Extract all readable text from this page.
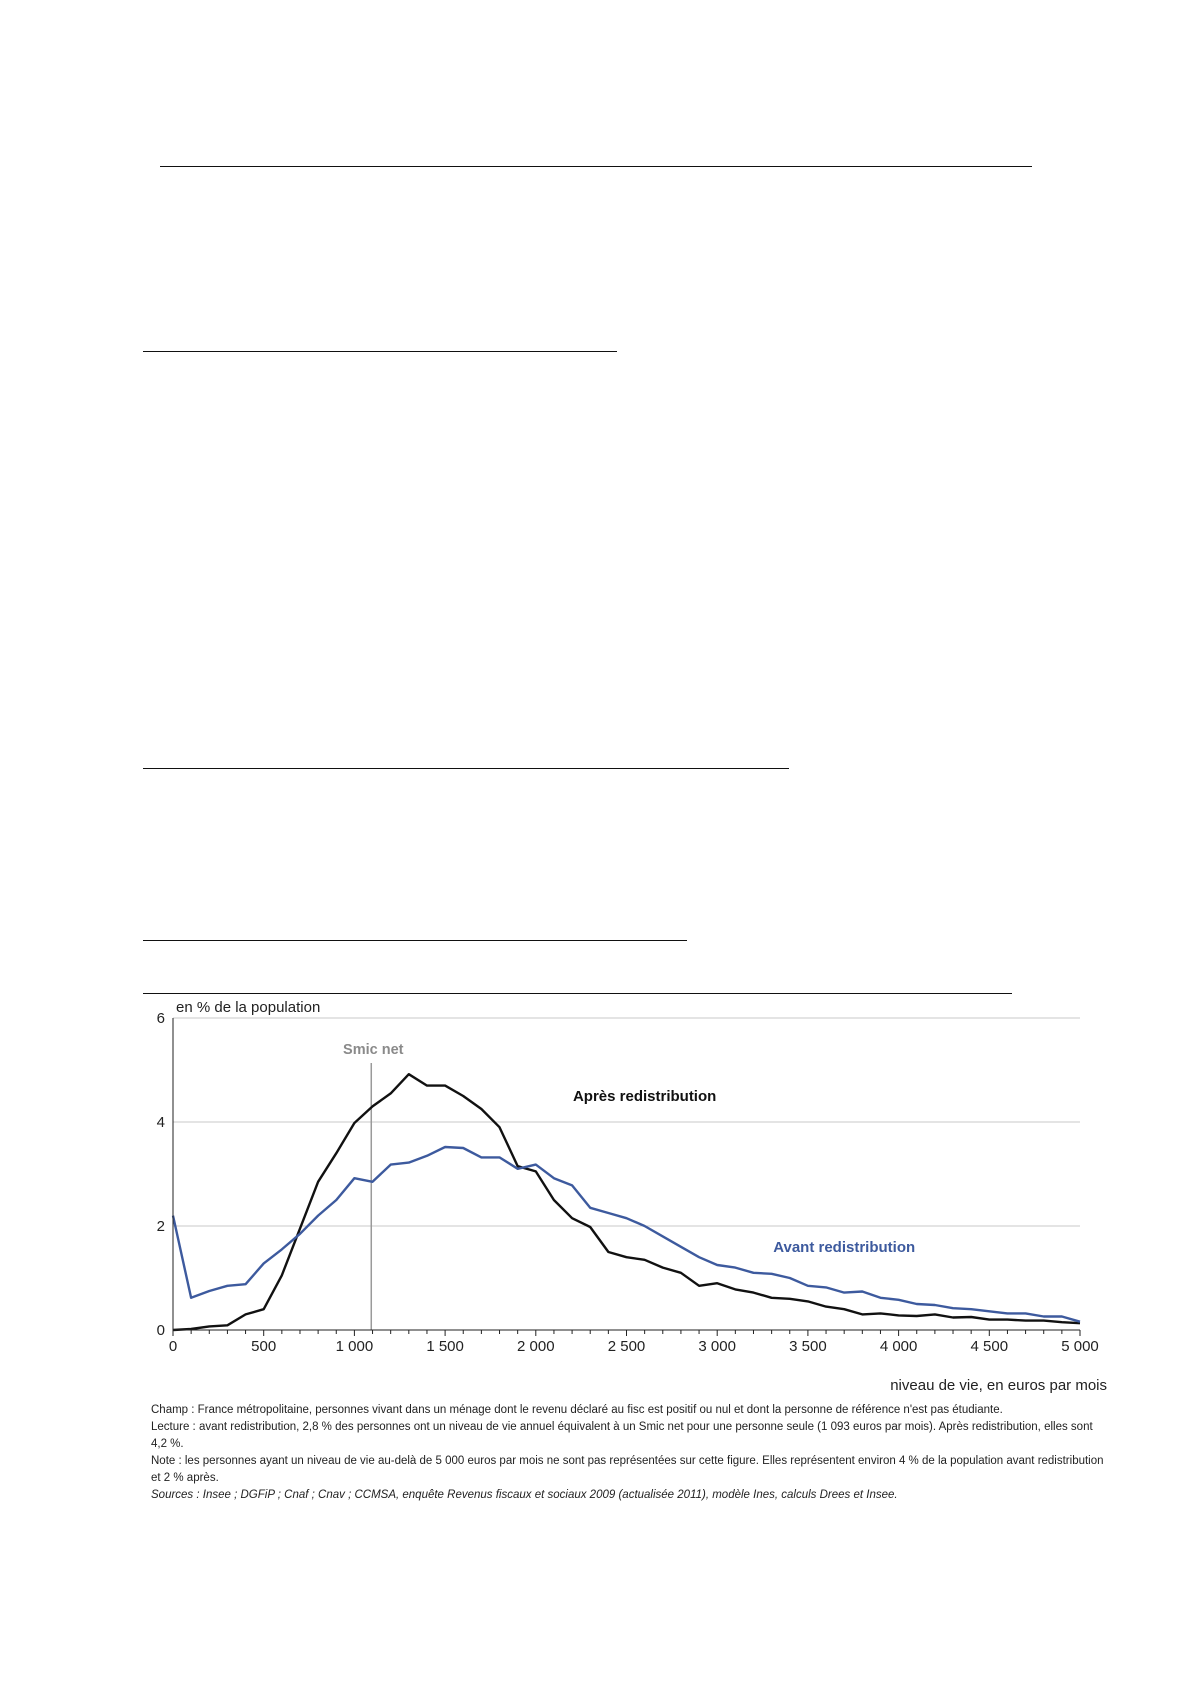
Smic net
Après redistribution
Avant redistribution
0
2
4
6
0	500	1 000	1 500	2 000	2 500	3 000	3 500	4 000	4 500	5 000
en % de la population
niveau de vie, en euros par mois

Champ : France métropolitaine, personnes vivant dans un ménage dont le revenu déclaré au fisc est positif ou nul et dont la personne de référence n'est pas étudiante.

Lecture : avant redistribution, 2,8 % des personnes ont un niveau de vie annuel équivalent à un Smic net pour une personne seule (1 093 euros par mois). Après redistribution, elles sont 4,2 %.

Note : les personnes ayant un niveau de vie au-delà de 5 000 euros par mois ne sont pas représentées sur cette figure. Elles représentent environ 4 % de la population avant redistribution et 2 % après.

Sources : Insee ; DGFiP ; Cnaf ; Cnav ; CCMSA, enquête Revenus fiscaux et sociaux 2009 (actualisée 2011), modèle Ines, calculs Drees et Insee.
